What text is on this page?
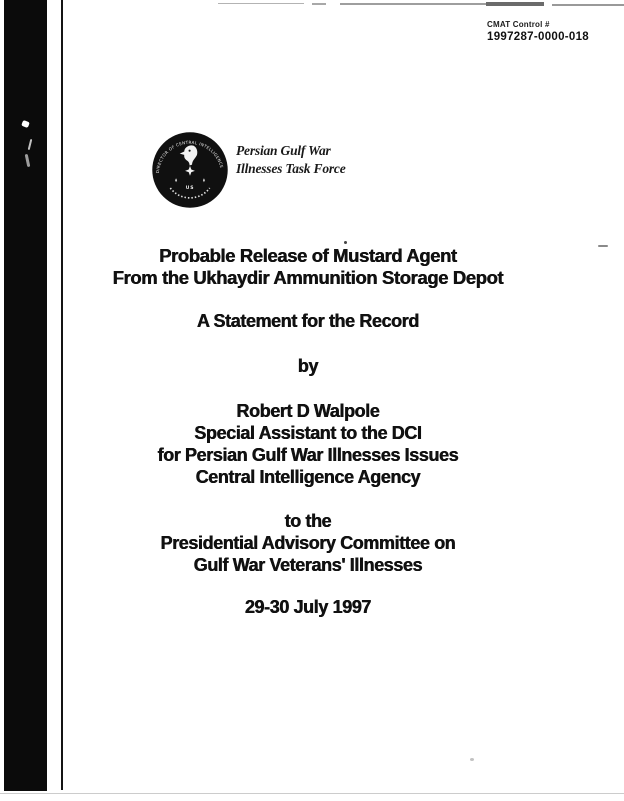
CMAT Control #
1997287-0000-018
DIRECTOR OF CENTRAL INTELLIGENCE
US
Persian Gulf War
Illnesses Task Force
Probable Release of Mustard Agent
From the Ukhaydir Ammunition Storage Depot
A Statement for the Record
by
Robert D Walpole
Special Assistant to the DCI
for Persian Gulf War Illnesses Issues
Central Intelligence Agency
to the
Presidential Advisory Committee on
Gulf War Veterans' Illnesses
29-30 July 1997
